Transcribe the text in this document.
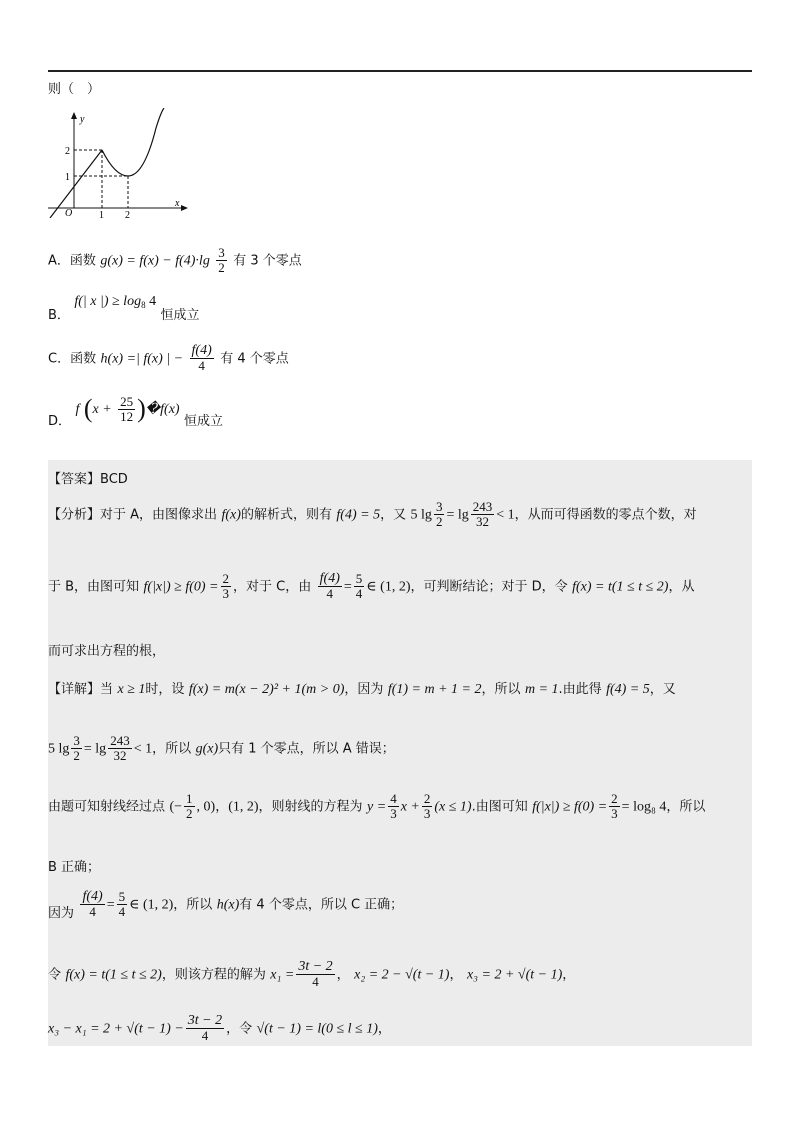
则（　）
y
x
O
2
1
1 2
A．函数 $g(x) = f(x) - f(4)\cdot\lg \frac{3}{2}$ 有 3 个零点
B． f(| x |) ≥ $\log_8 4$ 恒成立
C．函数 h(x) =| f(x) | − $\frac{f(4)}{4}$ 有 4 个零点
D． f ($x + \frac{25}{12}$ )�f(x) 恒成立
【答案】BCD
【分析】对于 A，由图像求出 f(x)的解析式，则有 f(4) = 5，又 5 $\lg \frac{3}{2} = \lg \frac{243}{32} < 1$，从而可得函数的零点个数，对
于 B，由图可知 $f(|x|) \ge f(0) = \frac{2}{3}$ ，对于 C，由 $\frac{f(4)}{4} = \frac{5}{4}$ ∈ (1, 2)，可判断结论；对于 D，令 f(x) = t(1 ≤ t ≤ 2)，从
而可求出方程的根，
【详解】当 x ≥ 1时，设 f(x) = m(x − 2)² + 1(m > 0)，因为 f(1) = m + 1 = 2，所以 m = 1.由此得 f(4) = 5，又
5 $\lg \frac{3}{2} = \lg \frac{243}{32} < 1$，所以 g(x)只有 1 个零点，所以 A 错误；
由题可知射线经过点 (− $\frac{1}{2}$ , 0)，(1, 2)，则射线的方程为 $y = \frac{4}{3}$ $x + \frac{2}{3} (x \le 1)$.由图可知 $f(|x|) \ge f(0) = \frac{2}{3} = \log_8$ 4，所以
B 正确；
因为 $\frac{f(4)}{4} = \frac{5}{4}$ ∈ (1, 2)，所以 h(x)有 4 个零点，所以 C 正确；
令 f(x) = t(1 ≤ t ≤ 2)，则该方程的解为 $x_1 = \frac{3t - 2}{4}$ ， x₂ = 2 − √(t − 1)， x₃ = 2 + √(t − 1)，
$x_3 - x_1 = 2 + √(t - 1) - \frac{3t - 2}{4}$ ，令 √(t − 1) = l(0 ≤ l ≤ 1)，
